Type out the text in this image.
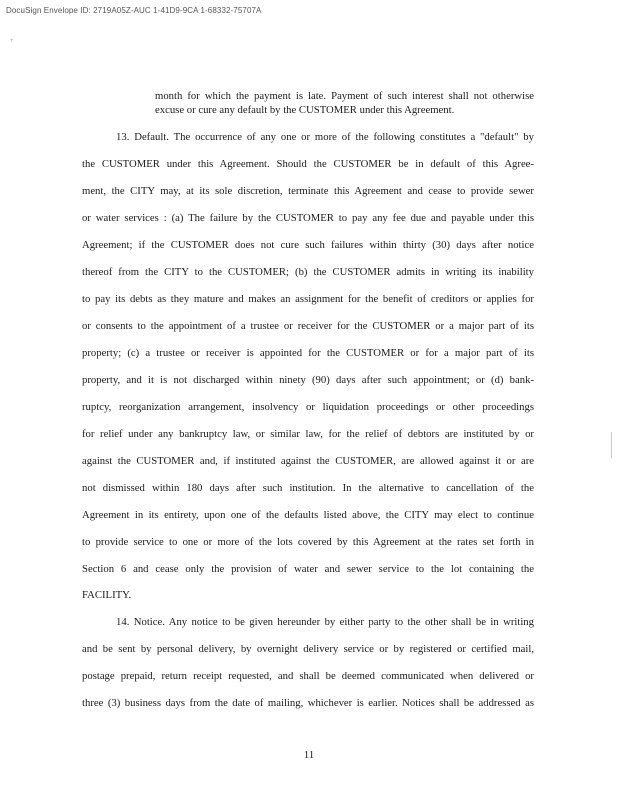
DocuSign Envelope ID: 2719A05Z-AUC 1-41D9-9CA 1-68332-75707A
+
month for which the payment is late. Payment of such interest shall not otherwise
excuse or cure any default by the CUSTOMER under this Agreement.
13. Default. The occurrence of any one or more of the following constitutes a "default" by
the CUSTOMER under this Agreement. Should the CUSTOMER be in default of this Agree-
ment, the CITY may, at its sole discretion, terminate this Agreement and cease to provide sewer
or water services : (a) The failure by the CUSTOMER to pay any fee due and payable under this
Agreement; if the CUSTOMER does not cure such failures within thirty (30) days after notice
thereof from the CITY to the CUSTOMER; (b) the CUSTOMER admits in writing its inability
to pay its debts as they mature and makes an assignment for the benefit of creditors or applies for
or consents to the appointment of a trustee or receiver for the CUSTOMER or a major part of its
property; (c) a trustee or receiver is appointed for the CUSTOMER or for a major part of its
property, and it is not discharged within ninety (90) days after such appointment; or (d) bank-
ruptcy, reorganization arrangement, insolvency or liquidation proceedings or other proceedings
for relief under any bankruptcy law, or similar law, for the relief of debtors are instituted by or
against the CUSTOMER and, if instituted against the CUSTOMER, are allowed against it or are
not dismissed within 180 days after such institution. In the alternative to cancellation of the
Agreement in its entirety, upon one of the defaults listed above, the CITY may elect to continue
to provide service to one or more of the lots covered by this Agreement at the rates set forth in
Section 6 and cease only the provision of water and sewer service to the lot containing the
FACILITY.
14. Notice. Any notice to be given hereunder by either party to the other shall be in writing
and be sent by personal delivery, by overnight delivery service or by registered or certified mail,
postage prepaid, return receipt requested, and shall be deemed communicated when delivered or
three (3) business days from the date of mailing, whichever is earlier. Notices shall be addressed as
11
